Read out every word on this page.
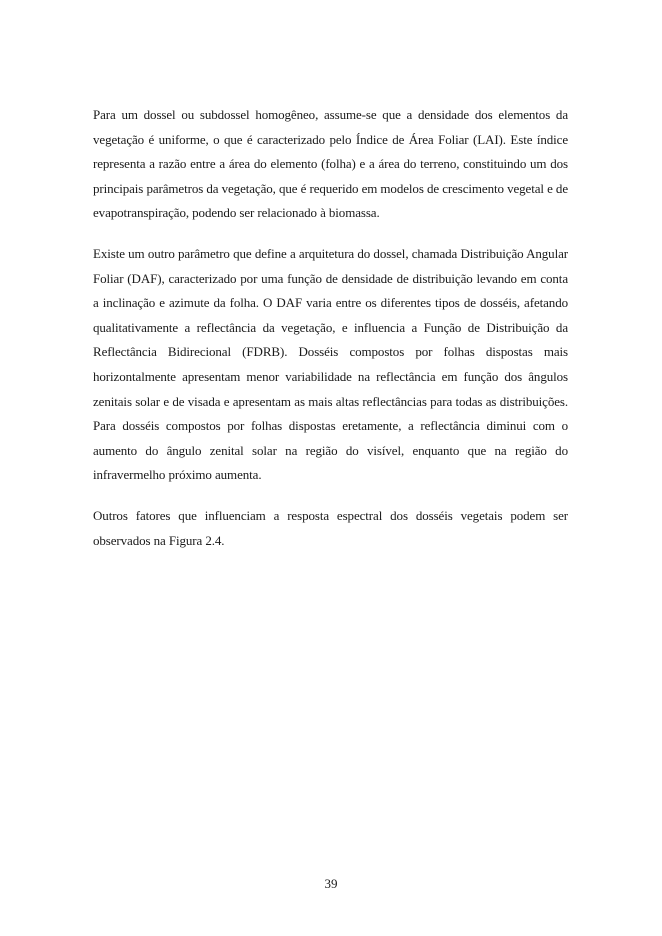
Para um dossel ou subdossel homogêneo, assume-se que a densidade dos elementos da vegetação é uniforme, o que é caracterizado pelo Índice de Área Foliar (LAI). Este índice representa a razão entre a área do elemento (folha) e a área do terreno, constituindo um dos principais parâmetros da vegetação, que é requerido em modelos de crescimento vegetal e de evapotranspiração, podendo ser relacionado à biomassa.

Existe um outro parâmetro que define a arquitetura do dossel, chamada Distribuição Angular Foliar (DAF), caracterizado por uma função de densidade de distribuição levando em conta a inclinação e azimute da folha. O DAF varia entre os diferentes tipos de dosséis, afetando qualitativamente a reflectância da vegetação, e influencia a Função de Distribuição da Reflectância Bidirecional (FDRB). Dosséis compostos por folhas dispostas mais horizontalmente apresentam menor variabilidade na reflectância em função dos ângulos zenitais solar e de visada e apresentam as mais altas reflectâncias para todas as distribuições. Para dosséis compostos por folhas dispostas eretamente, a reflectância diminui com o aumento do ângulo zenital solar na região do visível, enquanto que na região do infravermelho próximo aumenta.

Outros fatores que influenciam a resposta espectral dos dosséis vegetais podem ser observados na Figura 2.4.

39
